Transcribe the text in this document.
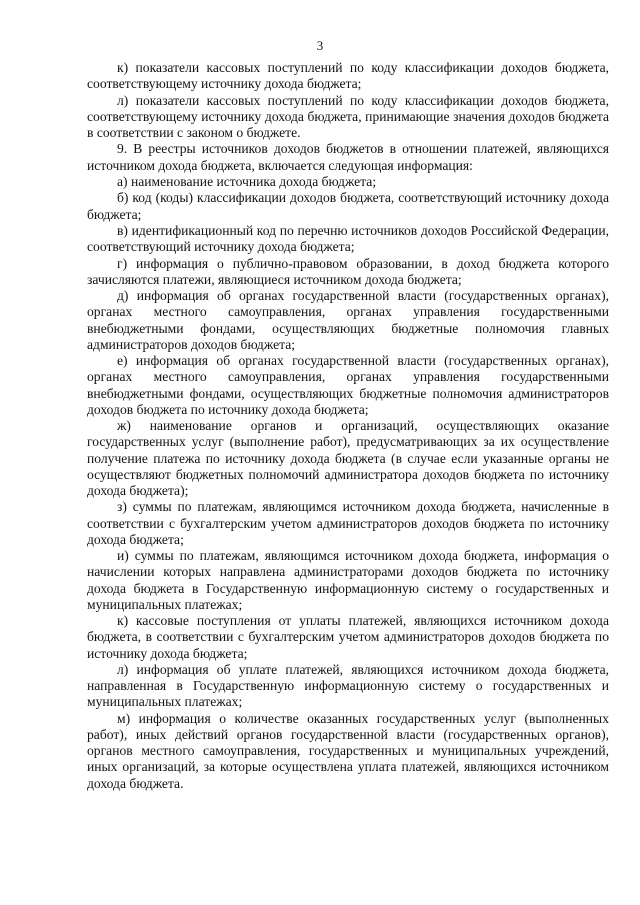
3

к) показатели кассовых поступлений по коду классификации доходов бюджета, соответствующему источнику дохода бюджета;

л) показатели кассовых поступлений по коду классификации доходов бюджета, соответствующему источнику дохода бюджета, принимающие значения доходов бюджета в соответствии с законом о бюджете.

9. В реестры источников доходов бюджетов в отношении платежей, являющихся источником дохода бюджета, включается следующая информация:

а) наименование источника дохода бюджета;

б) код (коды) классификации доходов бюджета, соответствующий источнику дохода бюджета;

в) идентификационный код по перечню источников доходов Российской Федерации, соответствующий источнику дохода бюджета;

г) информация о публично-правовом образовании, в доход бюджета которого зачисляются платежи, являющиеся источником дохода бюджета;

д) информация об органах государственной власти (государственных органах), органах местного самоуправления, органах управления государственными внебюджетными фондами, осуществляющих бюджетные полномочия главных администраторов доходов бюджета;

е) информация об органах государственной власти (государственных органах), органах местного самоуправления, органах управления государственными внебюджетными фондами, осуществляющих бюджетные полномочия администраторов доходов бюджета по источнику дохода бюджета;

ж) наименование органов и организаций, осуществляющих оказание государственных услуг (выполнение работ), предусматривающих за их осуществление получение платежа по источнику дохода бюджета (в случае если указанные органы не осуществляют бюджетных полномочий администратора доходов бюджета по источнику дохода бюджета);

з) суммы по платежам, являющимся источником дохода бюджета, начисленные в соответствии с бухгалтерским учетом администраторов доходов бюджета по источнику дохода бюджета;

и) суммы по платежам, являющимся источником дохода бюджета, информация о начислении которых направлена администраторами доходов бюджета по источнику дохода бюджета в Государственную информационную систему о государственных и муниципальных платежах;

к) кассовые поступления от уплаты платежей, являющихся источником дохода бюджета, в соответствии с бухгалтерским учетом администраторов доходов бюджета по источнику дохода бюджета;

л) информация об уплате платежей, являющихся источником дохода бюджета, направленная в Государственную информационную систему о государственных и муниципальных платежах;

м) информация о количестве оказанных государственных услуг (выполненных работ), иных действий органов государственной власти (государственных органов), органов местного самоуправления, государственных и муниципальных учреждений, иных организаций, за которые осуществлена уплата платежей, являющихся источником дохода бюджета.
